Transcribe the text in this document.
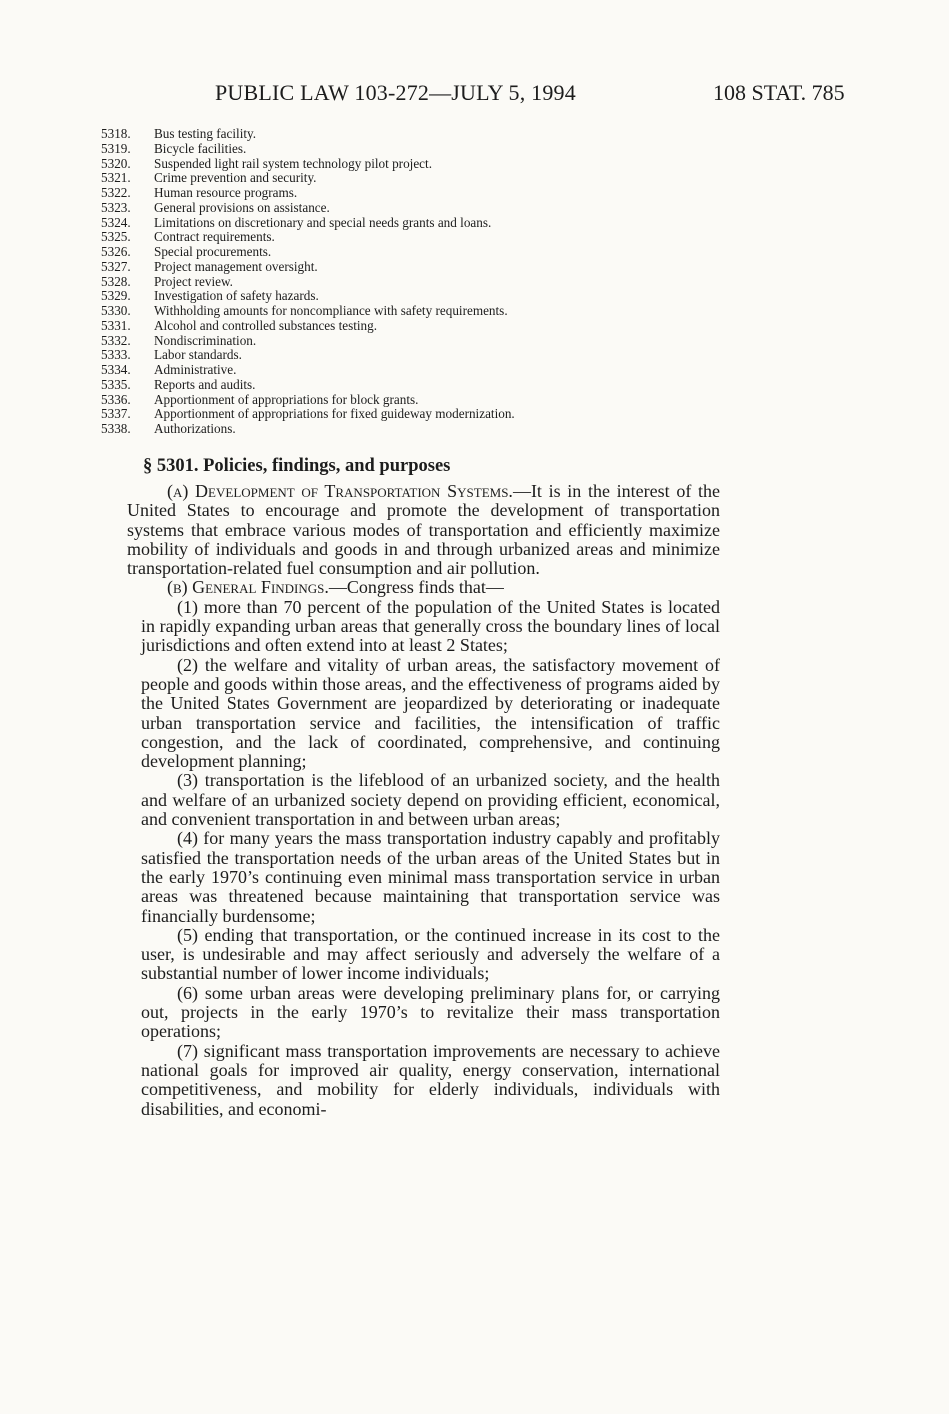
PUBLIC LAW 103-272—JULY 5, 1994	108 STAT. 785
5318.	Bus testing facility.
5319.	Bicycle facilities.
5320.	Suspended light rail system technology pilot project.
5321.	Crime prevention and security.
5322.	Human resource programs.
5323.	General provisions on assistance.
5324.	Limitations on discretionary and special needs grants and loans.
5325.	Contract requirements.
5326.	Special procurements.
5327.	Project management oversight.
5328.	Project review.
5329.	Investigation of safety hazards.
5330.	Withholding amounts for noncompliance with safety requirements.
5331.	Alcohol and controlled substances testing.
5332.	Nondiscrimination.
5333.	Labor standards.
5334.	Administrative.
5335.	Reports and audits.
5336.	Apportionment of appropriations for block grants.
5337.	Apportionment of appropriations for fixed guideway modernization.
5338.	Authorizations.
§ 5301. Policies, findings, and purposes

(a) Development of Transportation Systems.—It is in the interest of the United States to encourage and promote the development of transportation systems that embrace various modes of transportation and efficiently maximize mobility of individuals and goods in and through urbanized areas and minimize transportation-related fuel consumption and air pollution.

(b) General Findings.—Congress finds that—

(1) more than 70 percent of the population of the United States is located in rapidly expanding urban areas that generally cross the boundary lines of local jurisdictions and often extend into at least 2 States;

(2) the welfare and vitality of urban areas, the satisfactory movement of people and goods within those areas, and the effectiveness of programs aided by the United States Government are jeopardized by deteriorating or inadequate urban transportation service and facilities, the intensification of traffic congestion, and the lack of coordinated, comprehensive, and continuing development planning;

(3) transportation is the lifeblood of an urbanized society, and the health and welfare of an urbanized society depend on providing efficient, economical, and convenient transportation in and between urban areas;

(4) for many years the mass transportation industry capably and profitably satisfied the transportation needs of the urban areas of the United States but in the early 1970’s continuing even minimal mass transportation service in urban areas was threatened because maintaining that transportation service was financially burdensome;

(5) ending that transportation, or the continued increase in its cost to the user, is undesirable and may affect seriously and adversely the welfare of a substantial number of lower income individuals;

(6) some urban areas were developing preliminary plans for, or carrying out, projects in the early 1970’s to revitalize their mass transportation operations;

(7) significant mass transportation improvements are necessary to achieve national goals for improved air quality, energy conservation, international competitiveness, and mobility for elderly individuals, individuals with disabilities, and economi-
